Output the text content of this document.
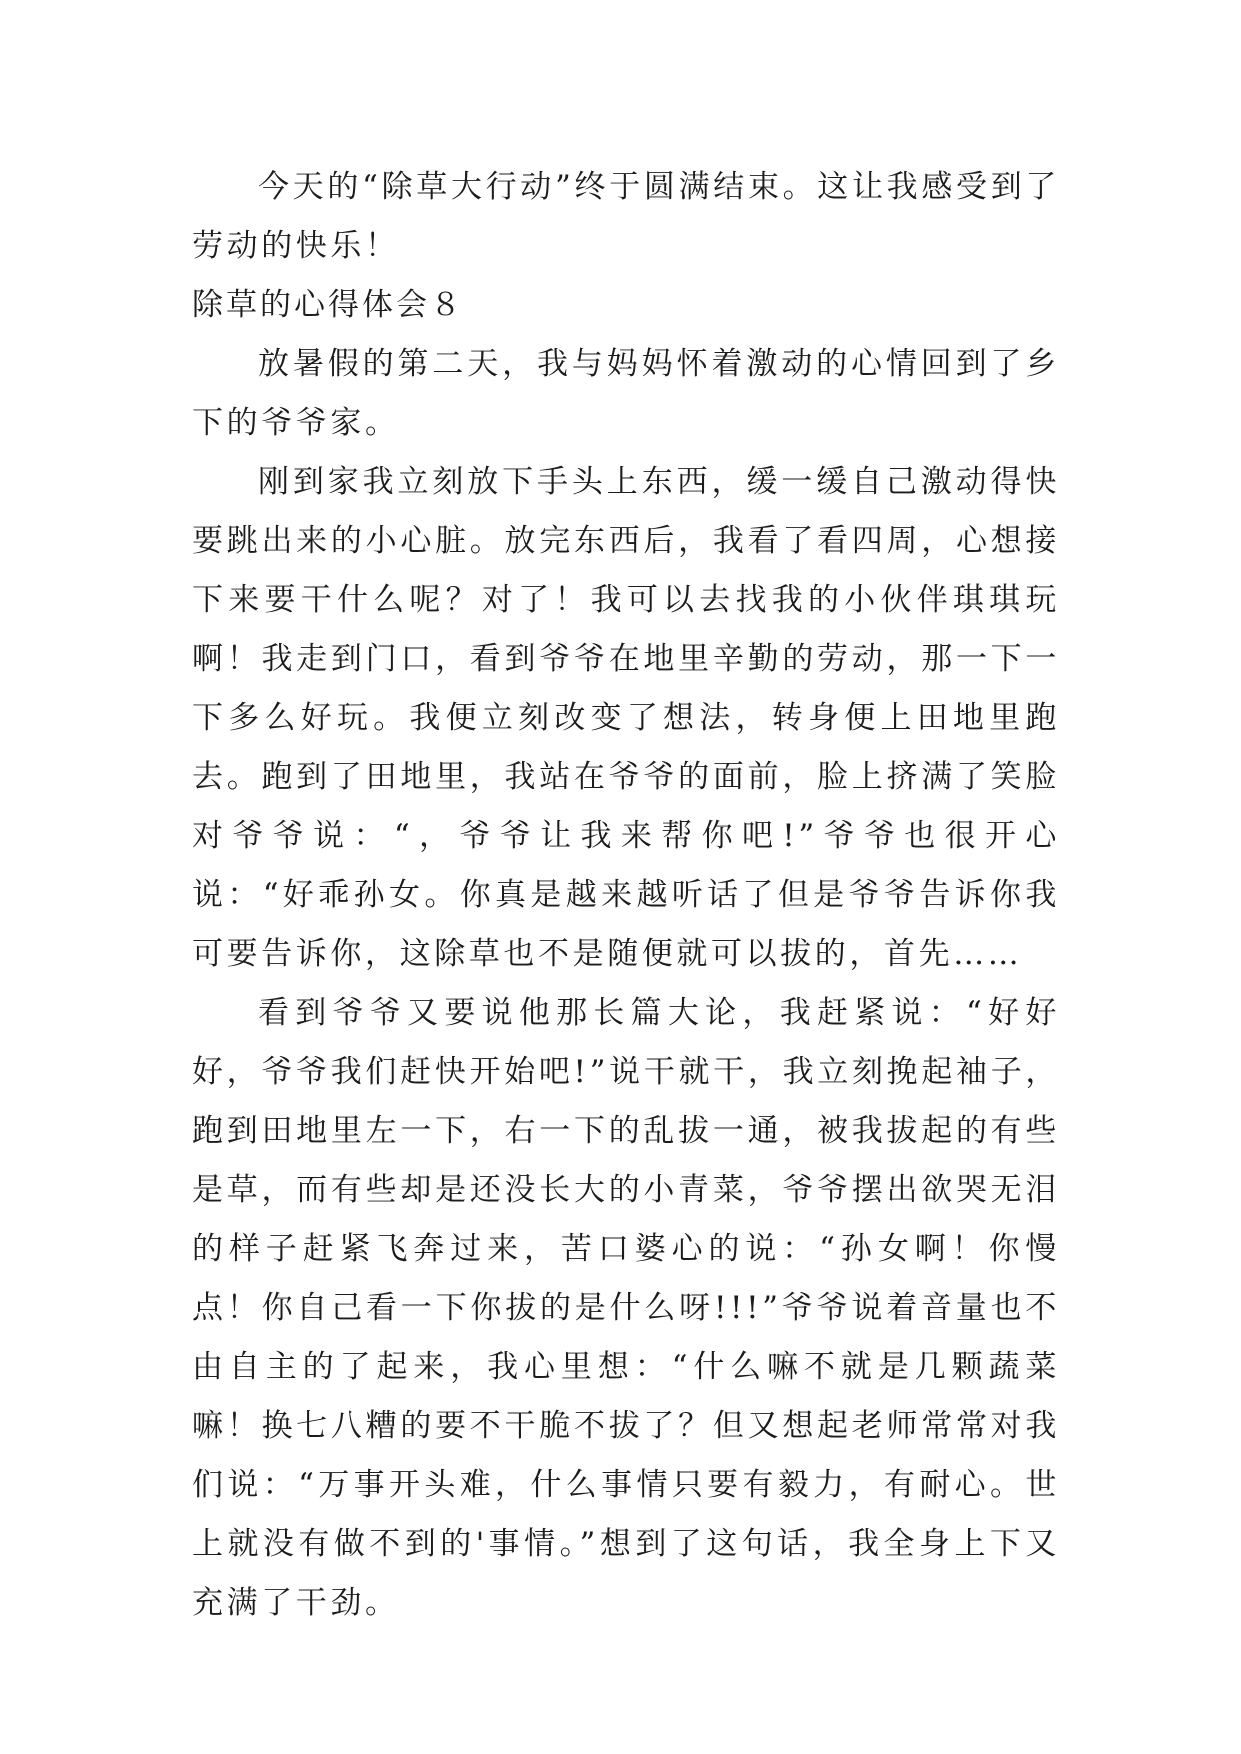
今天的“除草大行动”终于圆满结束。这让我感受到了劳动的快乐！

除草的心得体会８

放暑假的第二天，我与妈妈怀着激动的心情回到了乡下的爷爷家。

刚到家我立刻放下手头上东西，缓一缓自己激动得快要跳出来的小心脏。放完东西后，我看了看四周，心想接下来要干什么呢？对了！我可以去找我的小伙伴琪琪玩啊！我走到门口，看到爷爷在地里辛勤的劳动，那一下一下多么好玩。我便立刻改变了想法，转身便上田地里跑去。跑到了田地里，我站在爷爷的面前，脸上挤满了笑脸对爷爷说：“，爷爷让我来帮你吧!”爷爷也很开心说：“好乖孙女。你真是越来越听话了但是爷爷告诉你我可要告诉你，这除草也不是随便就可以拔的，首先……

看到爷爷又要说他那长篇大论，我赶紧说：“好好好，爷爷我们赶快开始吧!”说干就干，我立刻挽起袖子，跑到田地里左一下，右一下的乱拔一通，被我拔起的有些是草，而有些却是还没长大的小青菜，爷爷摆出欲哭无泪的样子赶紧飞奔过来，苦口婆心的说：“孙女啊！你慢点！你自己看一下你拔的是什么呀!!!”爷爷说着音量也不由自主的了起来，我心里想：“什么嘛不就是几颗蔬菜嘛！换七八糟的要不干脆不拔了？但又想起老师常常对我们说：“万事开头难，什么事情只要有毅力，有耐心。世上就没有做不到的'事情。”想到了这句话，我全身上下又充满了干劲。
